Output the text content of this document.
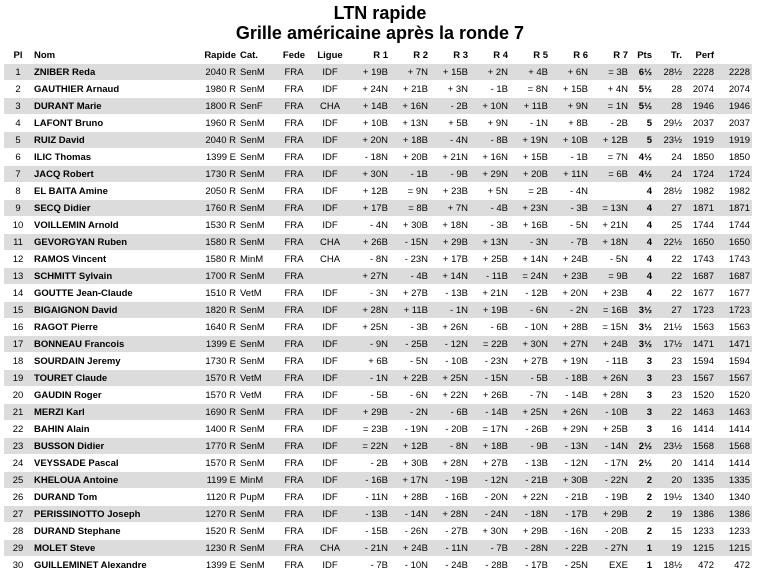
LTN rapide
Grille américaine après la ronde 7
Pl	Nom	Rapide	Cat.	Fede	Ligue	R 1	R 2	R 3	R 4	R 5	R 6	R 7	Pts	Tr.	Perf	
1	ZNIBER Reda	2040 R	SenM	FRA	IDF	+ 19B	+ 7N	+ 15B	+ 2N	+ 4B	+ 6N	= 3B	6½	28½	2228	2228
2	GAUTHIER Arnaud	1980 R	SenM	FRA	IDF	+ 24N	+ 21B	+ 3N	- 1B	= 8N	+ 15B	+ 4N	5½	28	2074	2074
3	DURANT Marie	1800 R	SenF	FRA	CHA	+ 14B	+ 16N	- 2B	+ 10N	+ 11B	+ 9N	= 1N	5½	28	1946	1946
4	LAFONT Bruno	1960 R	SenM	FRA	IDF	+ 10B	+ 13N	+ 5B	+ 9N	- 1N	+ 8B	- 2B	5	29½	2037	2037
5	RUIZ David	2040 R	SenM	FRA	IDF	+ 20N	+ 18B	- 4N	- 8B	+ 19N	+ 10B	+ 12B	5	23½	1919	1919
6	ILIC Thomas	1399 E	SenM	FRA	IDF	- 18N	+ 20B	+ 21N	+ 16N	+ 15B	- 1B	= 7N	4½	24	1850	1850
7	JACQ Robert	1730 R	SenM	FRA	IDF	+ 30N	- 1B	- 9B	+ 29N	+ 20B	+ 11N	= 6B	4½	24	1724	1724
8	EL BAITA Amine	2050 R	SenM	FRA	IDF	+ 12B	= 9N	+ 23B	+ 5N	= 2B	- 4N		4	28½	1982	1982
9	SECQ Didier	1760 R	SenM	FRA	IDF	+ 17B	= 8B	+ 7N	- 4B	+ 23N	- 3B	= 13N	4	27	1871	1871
10	VOILLEMIN Arnold	1530 R	SenM	FRA	IDF	- 4N	+ 30B	+ 18N	- 3B	+ 16B	- 5N	+ 21N	4	25	1744	1744
11	GEVORGYAN Ruben	1580 R	SenM	FRA	CHA	+ 26B	- 15N	+ 29B	+ 13N	- 3N	- 7B	+ 18N	4	22½	1650	1650
12	RAMOS Vincent	1580 R	MinM	FRA	CHA	- 8N	- 23N	+ 17B	+ 25B	+ 14N	+ 24B	- 5N	4	22	1743	1743
13	SCHMITT Sylvain	1700 R	SenM	FRA		+ 27N	- 4B	+ 14N	- 11B	= 24N	+ 23B	= 9B	4	22	1687	1687
14	GOUTTE Jean-Claude	1510 R	VetM	FRA	IDF	- 3N	+ 27B	- 13B	+ 21N	- 12B	+ 20N	+ 23B	4	22	1677	1677
15	BIGAIGNON David	1820 R	SenM	FRA	IDF	+ 28N	+ 11B	- 1N	+ 19B	- 6N	- 2N	= 16B	3½	27	1723	1723
16	RAGOT Pierre	1640 R	SenM	FRA	IDF	+ 25N	- 3B	+ 26N	- 6B	- 10N	+ 28B	= 15N	3½	21½	1563	1563
17	BONNEAU Francois	1399 E	SenM	FRA	IDF	- 9N	- 25B	- 12N	= 22B	+ 30N	+ 27N	+ 24B	3½	17½	1471	1471
18	SOURDAIN Jeremy	1730 R	SenM	FRA	IDF	+ 6B	- 5N	- 10B	- 23N	+ 27B	+ 19N	- 11B	3	23	1594	1594
19	TOURET Claude	1570 R	VetM	FRA	IDF	- 1N	+ 22B	+ 25N	- 15N	- 5B	- 18B	+ 26N	3	23	1567	1567
20	GAUDIN Roger	1570 R	VetM	FRA	IDF	- 5B	- 6N	+ 22N	+ 26B	- 7N	- 14B	+ 28N	3	23	1520	1520
21	MERZI Karl	1690 R	SenM	FRA	IDF	+ 29B	- 2N	- 6B	- 14B	+ 25N	+ 26N	- 10B	3	22	1463	1463
22	BAHIN Alain	1400 R	SenM	FRA	IDF	= 23B	- 19N	- 20B	= 17N	- 26B	+ 29N	+ 25B	3	16	1414	1414
23	BUSSON Didier	1770 R	SenM	FRA	IDF	= 22N	+ 12B	- 8N	+ 18B	- 9B	- 13N	- 14N	2½	23½	1568	1568
24	VEYSSADE Pascal	1570 R	SenM	FRA	IDF	- 2B	+ 30B	+ 28N	+ 27B	- 13B	- 12N	- 17N	2½	20	1414	1414
25	KHELOUA Antoine	1199 E	MinM	FRA	IDF	- 16B	+ 17N	- 19B	- 12N	- 21B	+ 30B	- 22N	2	20	1335	1335
26	DURAND Tom	1120 R	PupM	FRA	IDF	- 11N	+ 28B	- 16B	- 20N	+ 22N	- 21B	- 19B	2	19½	1340	1340
27	PERISSINOTTO Joseph	1270 R	SenM	FRA	IDF	- 13B	- 14N	+ 28N	- 24N	- 18N	- 17B	+ 29B	2	19	1386	1386
28	DURAND Stephane	1520 R	SenM	FRA	IDF	- 15B	- 26N	- 27B	+ 30N	+ 29B	- 16N	- 20B	2	15	1233	1233
29	MOLET Steve	1230 R	SenM	FRA	CHA	- 21N	+ 24B	- 11N	- 7B	- 28N	- 22B	- 27N	1	19	1215	1215
30	GUILLEMINET Alexandre	1399 E	SenM	FRA	IDF	- 7B	- 10N	- 24B	- 28B	- 17B	- 25N	EXE	1	18½	472	472
